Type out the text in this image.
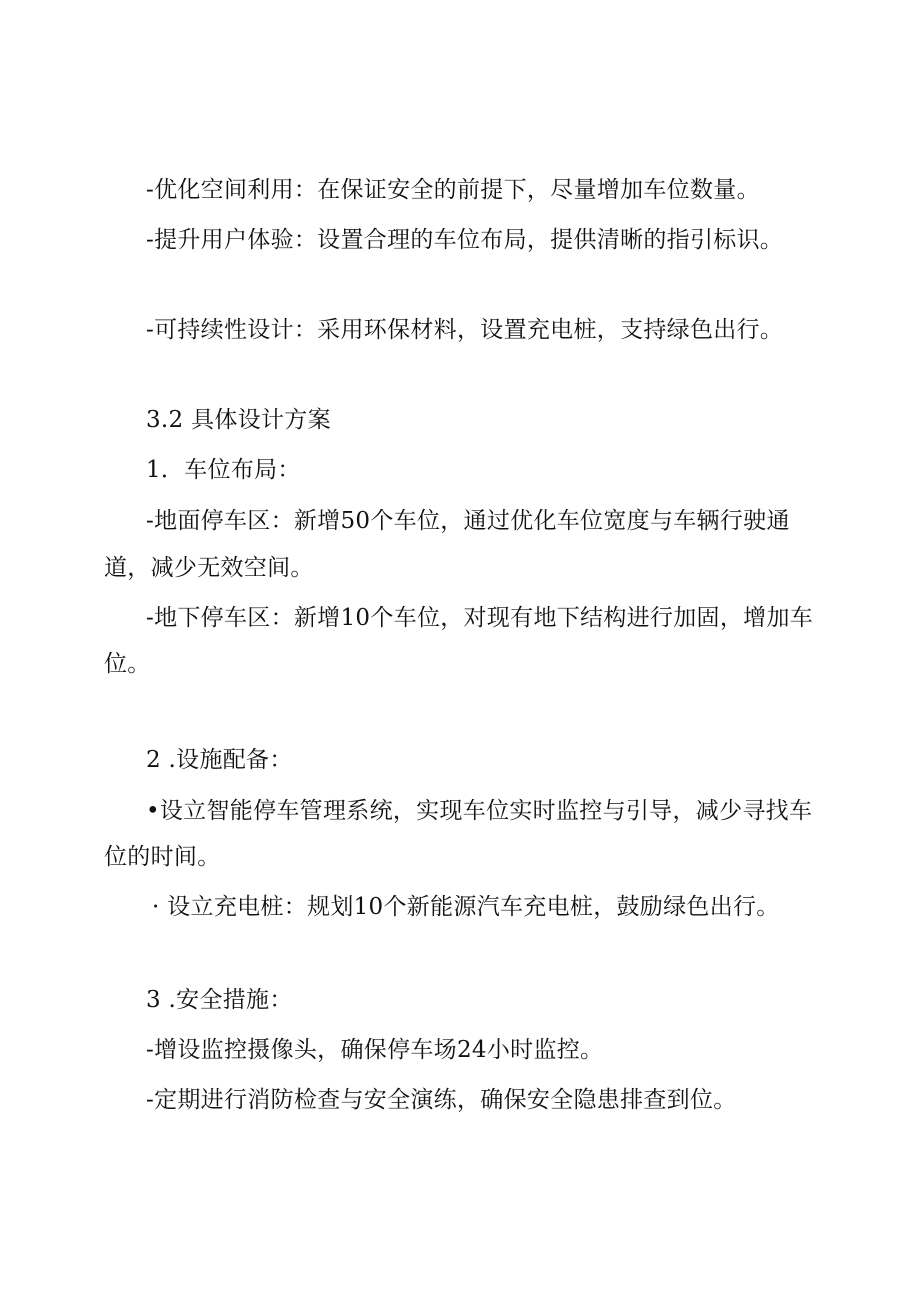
-优化空间利用：在保证安全的前提下，尽量增加车位数量。
-提升用户体验：设置合理的车位布局，提供清晰的指引标识。
-可持续性设计：采用环保材料，设置充电桩，支持绿色出行。
3.2 具体设计方案
1．车位布局：
-地面停车区：新增50个车位，通过优化车位宽度与车辆行驶通
道，减少无效空间。
-地下停车区：新增10个车位，对现有地下结构进行加固，增加车
位。
2 .设施配备：
•设立智能停车管理系统，实现车位实时监控与引导，减少寻找车
位的时间。
· 设立充电桩：规划10个新能源汽车充电桩，鼓励绿色出行。
3 .安全措施：
-增设监控摄像头，确保停车场24小时监控。
-定期进行消防检查与安全演练，确保安全隐患排查到位。
